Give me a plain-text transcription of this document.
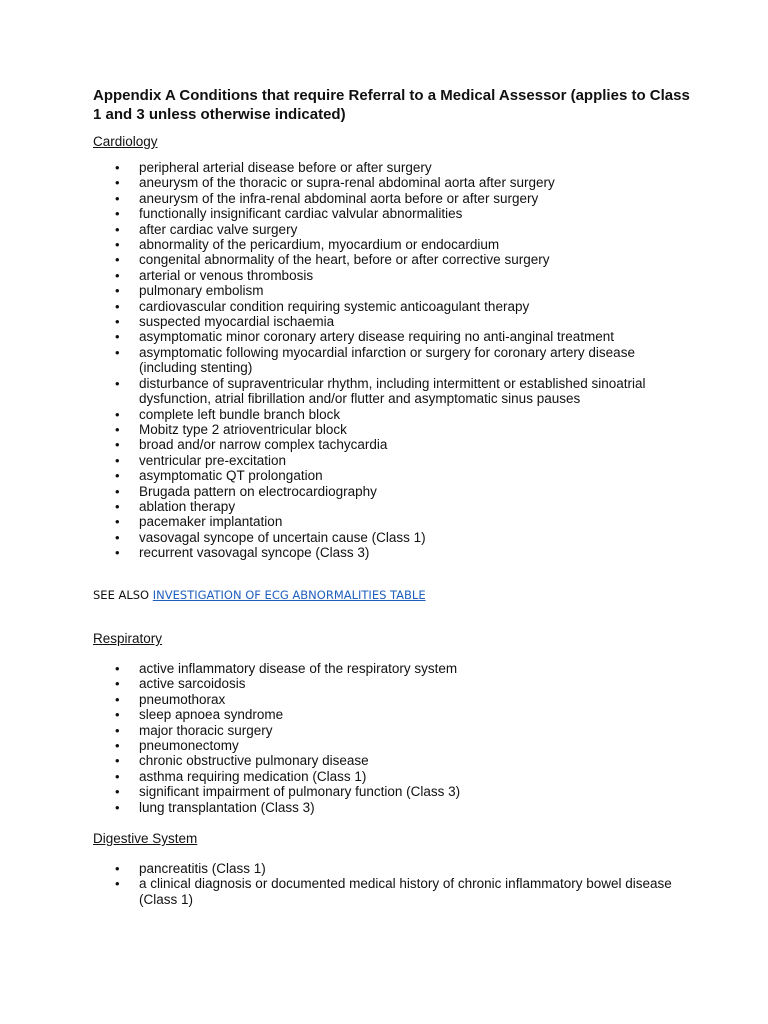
Appendix A Conditions that require Referral to a Medical Assessor (applies to Class 1 and 3 unless otherwise indicated)

Cardiology

• peripheral arterial disease before or after surgery
• aneurysm of the thoracic or supra-renal abdominal aorta after surgery
• aneurysm of the infra-renal abdominal aorta before or after surgery
• functionally insignificant cardiac valvular abnormalities
• after cardiac valve surgery
• abnormality of the pericardium, myocardium or endocardium
• congenital abnormality of the heart, before or after corrective surgery
• arterial or venous thrombosis
• pulmonary embolism
• cardiovascular condition requiring systemic anticoagulant therapy
• suspected myocardial ischaemia
• asymptomatic minor coronary artery disease requiring no anti-anginal treatment
• asymptomatic following myocardial infarction or surgery for coronary artery disease (including stenting)
• disturbance of supraventricular rhythm, including intermittent or established sinoatrial dysfunction, atrial fibrillation and/or flutter and asymptomatic sinus pauses
• complete left bundle branch block
• Mobitz type 2 atrioventricular block
• broad and/or narrow complex tachycardia
• ventricular pre-excitation
• asymptomatic QT prolongation
• Brugada pattern on electrocardiography
• ablation therapy
• pacemaker implantation
• vasovagal syncope of uncertain cause (Class 1)
• recurrent vasovagal syncope (Class 3)

SEE ALSO INVESTIGATION OF ECG ABNORMALITIES TABLE

Respiratory

• active inflammatory disease of the respiratory system
• active sarcoidosis
• pneumothorax
• sleep apnoea syndrome
• major thoracic surgery
• pneumonectomy
• chronic obstructive pulmonary disease
• asthma requiring medication (Class 1)
• significant impairment of pulmonary function (Class 3)
• lung transplantation (Class 3)

Digestive System

• pancreatitis (Class 1)
• a clinical diagnosis or documented medical history of chronic inflammatory bowel disease (Class 1)
